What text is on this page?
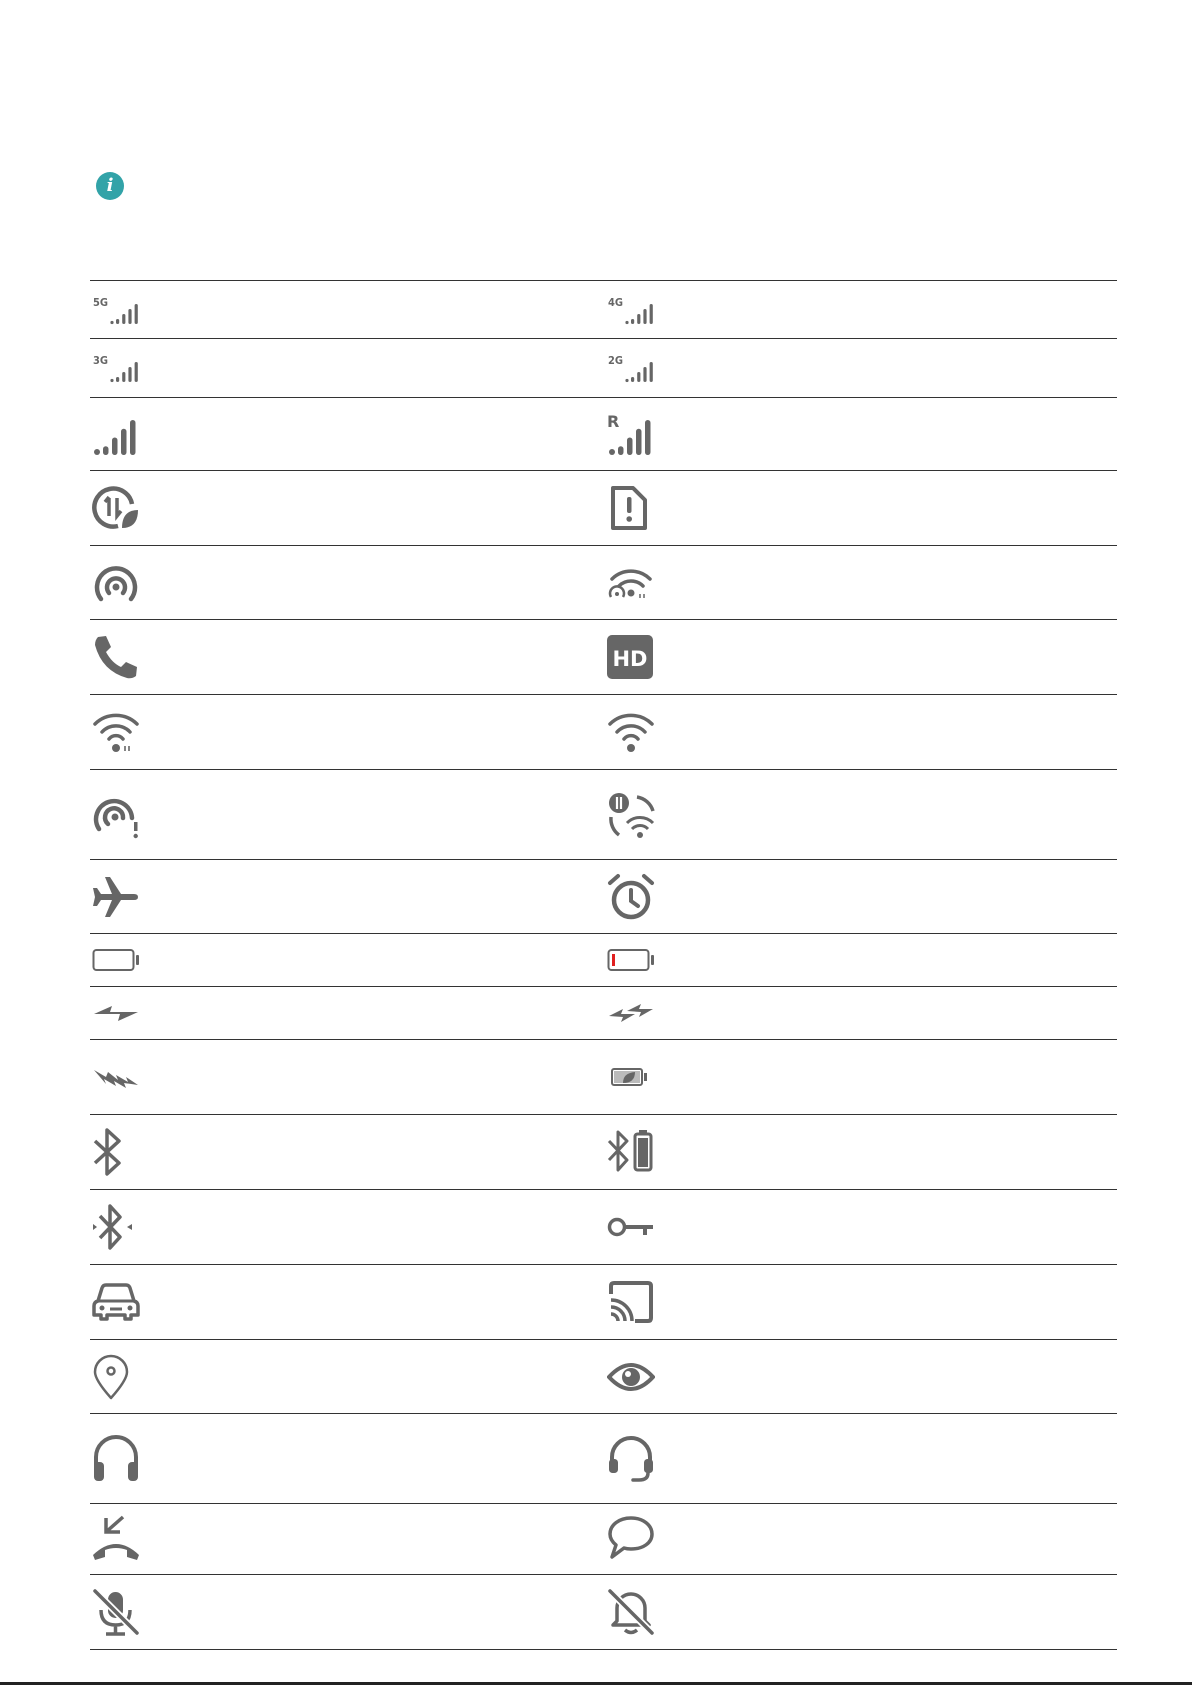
i
5G	4G
3G	2G
R
HD
